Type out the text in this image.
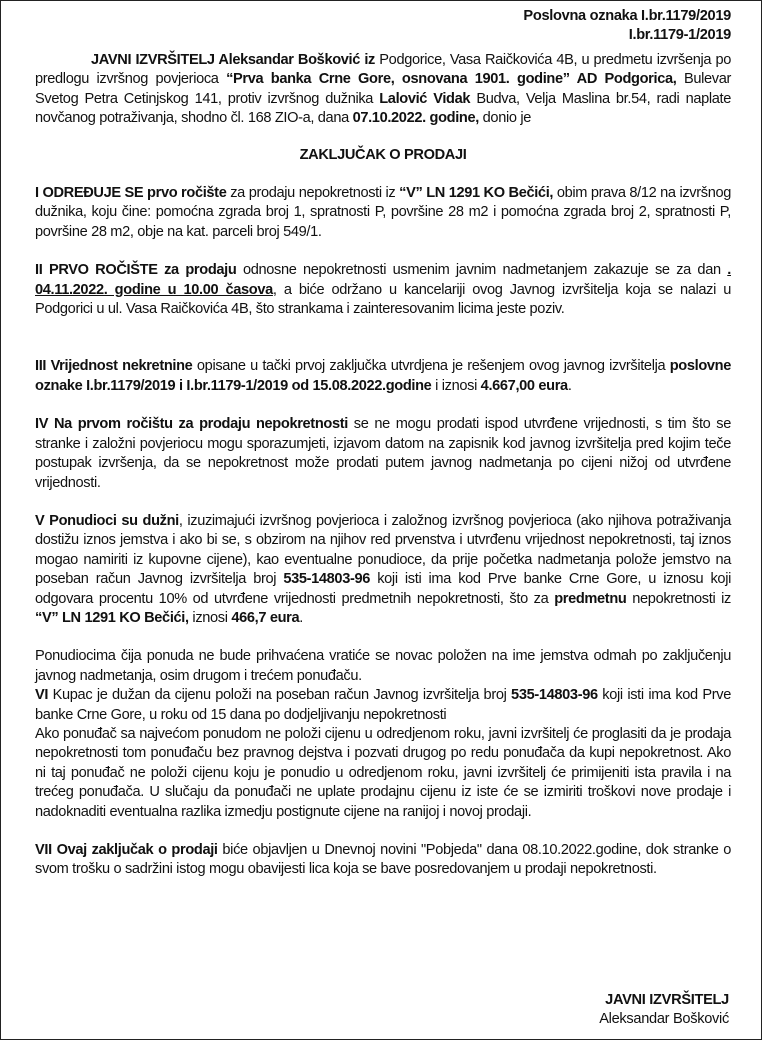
Poslovna oznaka I.br.1179/2019
I.br.1179-1/2019

JAVNI IZVRŠITELJ Aleksandar Bošković iz Podgorice, Vasa Raičkovića 4B, u predmetu izvršenja po predlogu izvršnog povjerioca “Prva banka Crne Gore, osnovana 1901. godine” AD Podgorica, Bulevar Svetog Petra Cetinjskog 141, protiv izvršnog dužnika Lalović Vidak Budva, Velja Maslina br.54, radi naplate novčanog potraživanja, shodno čl. 168 ZIO-a, dana 07.10.2022. godine, donio je

ZAKLJUČAK O PRODAJI

I ODREĐUJE SE prvo ročište za prodaju nepokretnosti iz “V” LN 1291 KO Bečići, obim prava 8/12 na izvršnog dužnika, koju čine: pomoćna zgrada broj 1, spratnosti P, površine 28 m2 i pomoćna zgrada broj 2, spratnosti P, površine 28 m2, obje na kat. parceli broj 549/1.

II PRVO ROČIŠTE za prodaju odnosne nepokretnosti usmenim javnim nadmetanjem zakazuje se za dan . 04.11.2022. godine u 10.00 časova, a biće održano u kancelariji ovog Javnog izvršitelja koja se nalazi u Podgorici u ul. Vasa Raičkovića 4B, što strankama i zainteresovanim licima jeste poziv.

III Vrijednost nekretnine opisane u tački prvoj zaključka utvrdjena je rešenjem ovog javnog izvršitelja poslovne oznake I.br.1179/2019 i I.br.1179-1/2019 od 15.08.2022.godine i iznosi 4.667,00 eura.

IV Na prvom ročištu za prodaju nepokretnosti se ne mogu prodati ispod utvrđene vrijednosti, s tim što se stranke i založni povjeriocu mogu sporazumjeti, izjavom datom na zapisnik kod javnog izvršitelja pred kojim teče postupak izvršenja, da se nepokretnost može prodati putem javnog nadmetanja po cijeni nižoj od utvrđene vrijednosti.

V Ponudioci su dužni, izuzimajući izvršnog povjerioca i založnog izvršnog povjerioca (ako njihova potraživanja dostižu iznos jemstva i ako bi se, s obzirom na njihov red prvenstva i utvrđenu vrijednost nepokretnosti, taj iznos mogao namiriti iz kupovne cijene), kao eventualne ponudioce, da prije početka nadmetanja polože jemstvo na poseban račun Javnog izvršitelja broj 535-14803-96 koji isti ima kod Prve banke Crne Gore, u iznosu koji odgovara procentu 10% od utvrđene vrijednosti predmetnih nepokretnosti, što za predmetnu nepokretnosti iz “V” LN 1291 KO Bečići, iznosi 466,7 eura.

Ponudiocima čija ponuda ne bude prihvaćena vratiće se novac položen na ime jemstva odmah po zaključenju javnog nadmetanja, osim drugom i trećem ponuđaču.

VI Kupac je dužan da cijenu položi na poseban račun Javnog izvršitelja broj 535-14803-96 koji isti ima kod Prve banke Crne Gore, u roku od 15 dana po dodjeljivanju nepokretnosti

Ako ponuđač sa najvećom ponudom ne položi cijenu u odredjenom roku, javni izvršitelj će proglasiti da je prodaja nepokretnosti tom ponuđaču bez pravnog dejstva i pozvati drugog po redu ponuđača da kupi nepokretnost. Ako ni taj ponuđač ne položi cijenu koju je ponudio u odredjenom roku, javni izvršitelj će primijeniti ista pravila i na trećeg ponuđača. U slučaju da ponuđači ne uplate prodajnu cijenu iz iste će se izmiriti troškovi nove prodaje i nadoknaditi eventualna razlika izmedju postignute cijene na ranijoj i novoj prodaji.

VII Ovaj zaključak o prodaji biće objavljen u Dnevnoj novini "Pobjeda" dana 08.10.2022.godine, dok stranke o svom trošku o sadržini istog mogu obavijesti lica koja se bave posredovanjem u prodaji nepokretnosti.

JAVNI IZVRŠITELJ
Aleksandar Bošković
